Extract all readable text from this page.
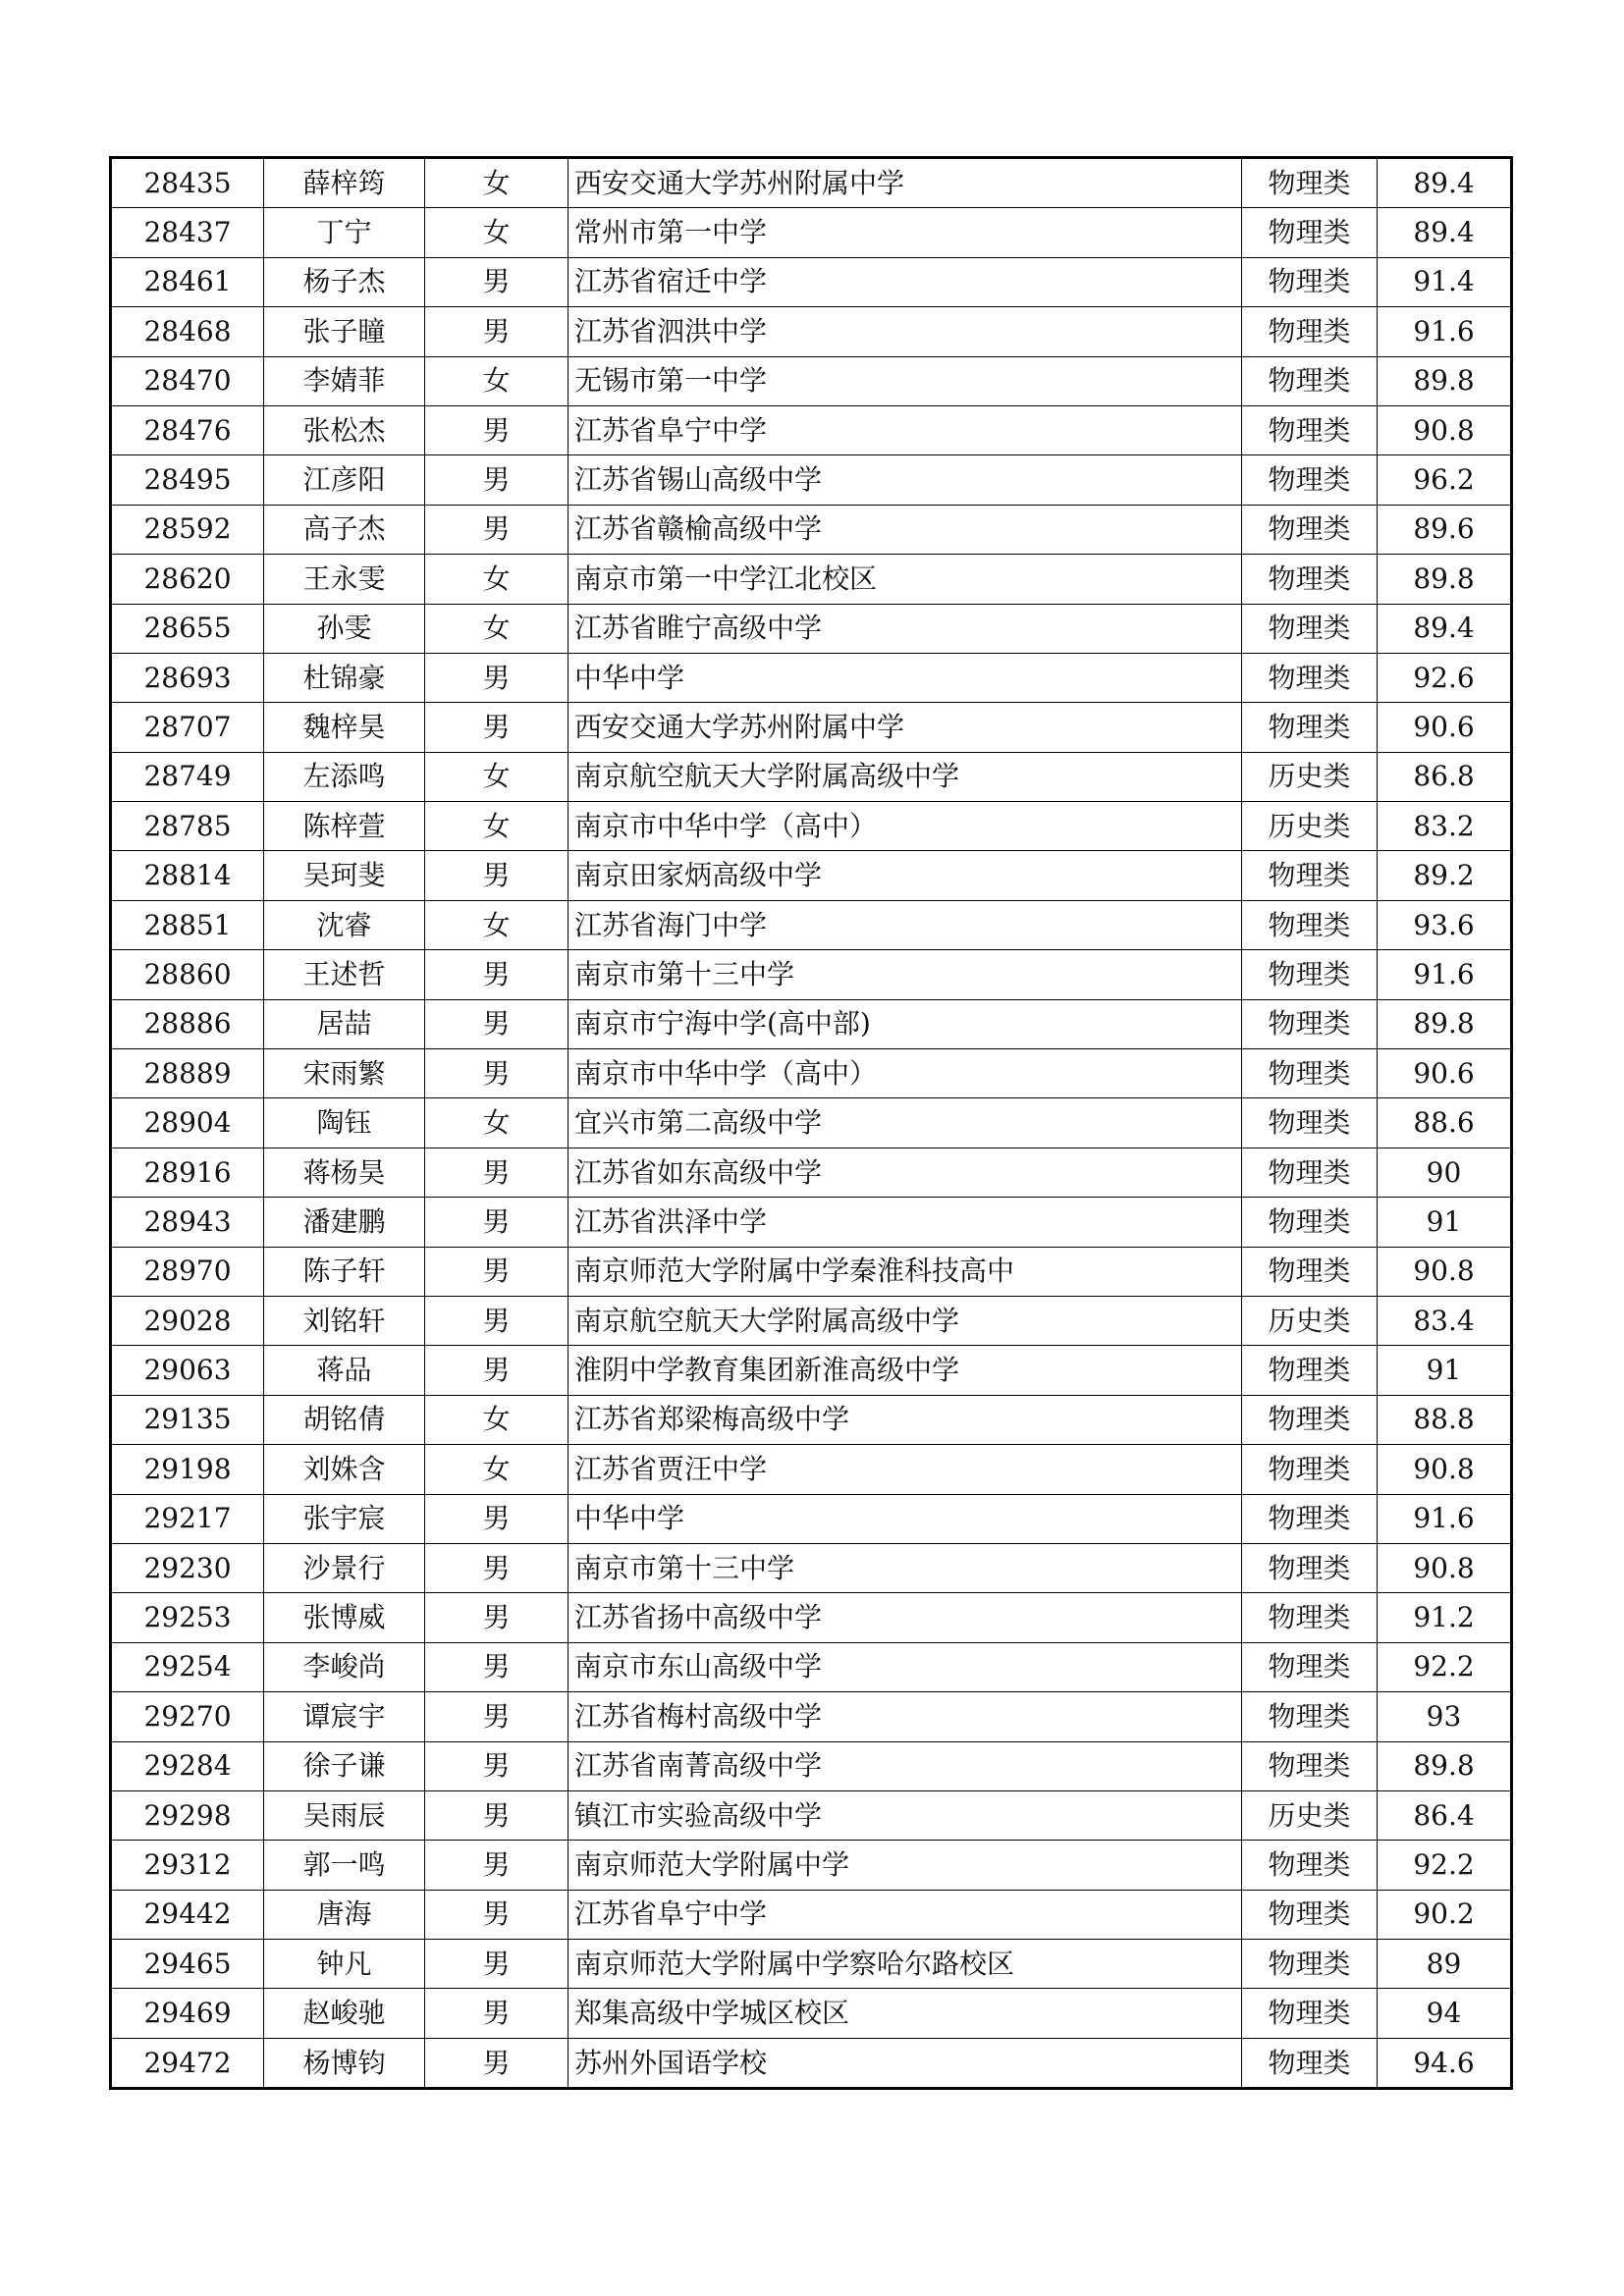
28435	薛梓筠	女	西安交通大学苏州附属中学	物理类	89.4
28437	丁宁	女	常州市第一中学	物理类	89.4
28461	杨子杰	男	江苏省宿迁中学	物理类	91.4
28468	张子瞳	男	江苏省泗洪中学	物理类	91.6
28470	李婧菲	女	无锡市第一中学	物理类	89.8
28476	张松杰	男	江苏省阜宁中学	物理类	90.8
28495	江彦阳	男	江苏省锡山高级中学	物理类	96.2
28592	高子杰	男	江苏省赣榆高级中学	物理类	89.6
28620	王永雯	女	南京市第一中学江北校区	物理类	89.8
28655	孙雯	女	江苏省睢宁高级中学	物理类	89.4
28693	杜锦豪	男	中华中学	物理类	92.6
28707	魏梓昊	男	西安交通大学苏州附属中学	物理类	90.6
28749	左添鸣	女	南京航空航天大学附属高级中学	历史类	86.8
28785	陈梓萱	女	南京市中华中学（高中）	历史类	83.2
28814	吴珂斐	男	南京田家炳高级中学	物理类	89.2
28851	沈睿	女	江苏省海门中学	物理类	93.6
28860	王述哲	男	南京市第十三中学	物理类	91.6
28886	居喆	男	南京市宁海中学(高中部)	物理类	89.8
28889	宋雨繁	男	南京市中华中学（高中）	物理类	90.6
28904	陶钰	女	宜兴市第二高级中学	物理类	88.6
28916	蒋杨昊	男	江苏省如东高级中学	物理类	90
28943	潘建鹏	男	江苏省洪泽中学	物理类	91
28970	陈子轩	男	南京师范大学附属中学秦淮科技高中	物理类	90.8
29028	刘铭轩	男	南京航空航天大学附属高级中学	历史类	83.4
29063	蒋品	男	淮阴中学教育集团新淮高级中学	物理类	91
29135	胡铭倩	女	江苏省郑梁梅高级中学	物理类	88.8
29198	刘姝含	女	江苏省贾汪中学	物理类	90.8
29217	张宇宸	男	中华中学	物理类	91.6
29230	沙景行	男	南京市第十三中学	物理类	90.8
29253	张博威	男	江苏省扬中高级中学	物理类	91.2
29254	李峻尚	男	南京市东山高级中学	物理类	92.2
29270	谭宸宇	男	江苏省梅村高级中学	物理类	93
29284	徐子谦	男	江苏省南菁高级中学	物理类	89.8
29298	吴雨辰	男	镇江市实验高级中学	历史类	86.4
29312	郭一鸣	男	南京师范大学附属中学	物理类	92.2
29442	唐海	男	江苏省阜宁中学	物理类	90.2
29465	钟凡	男	南京师范大学附属中学察哈尔路校区	物理类	89
29469	赵峻驰	男	郑集高级中学城区校区	物理类	94
29472	杨博钧	男	苏州外国语学校	物理类	94.6
